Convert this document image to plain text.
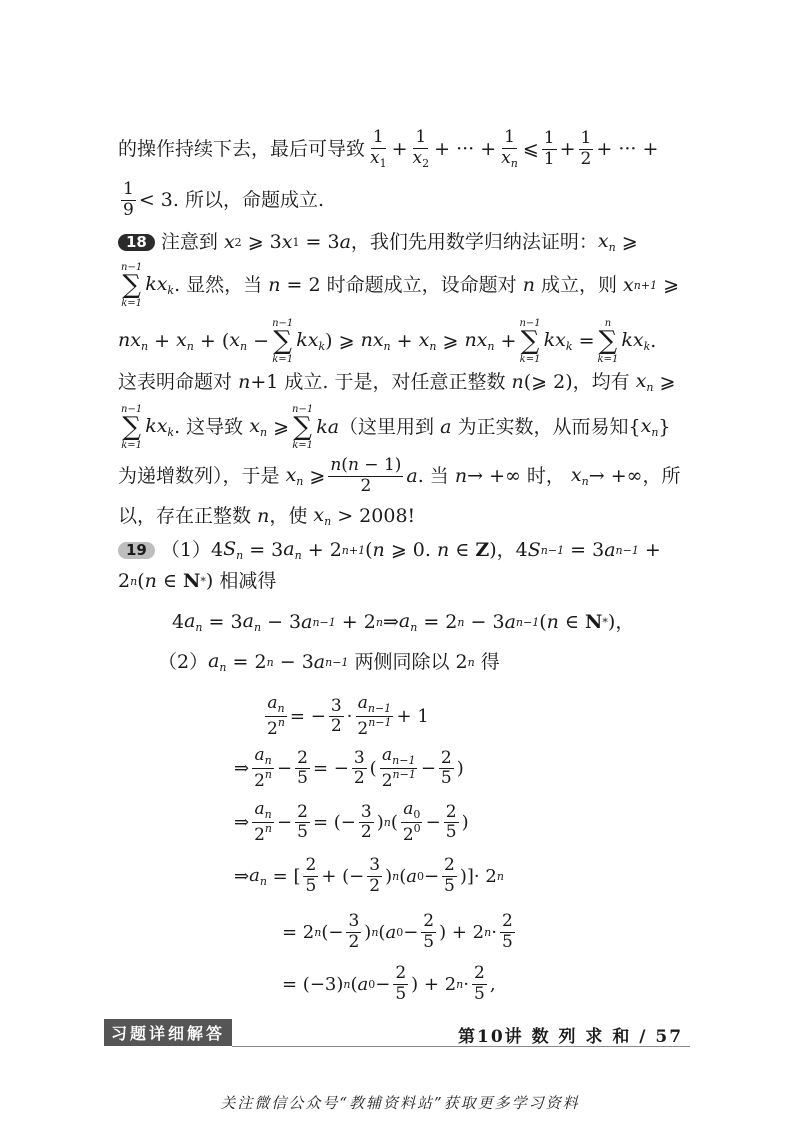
的操作持续下去，最后可导致 $\frac{1}{x_1} + \frac{1}{x_2}$ + ··· + $\frac{1}{x_n}$ ⩽ $\frac{1}{1} + \frac{1}{2}$ + ··· +
$\frac{1}{9} < 3$. 所以，命题成立.
18 注意到
x 2 ⩾ 3 x 1 = 3 a ，我们先用数学归纳法证明： $x_n$ ⩾
n−1
∑
k=1
$kx_k$ . 显然，当
n = 2 时命题成立，设命题对
n
成立，则
x n+1 ⩾
$nx_n + x_n$ + ( $x_n$ −
n−1
∑
k=1
$kx_k$ ) ⩾ $nx_n + x_n$ ⩾ $nx_n$ +
n−1
∑
k=1
$kx_k$ =
n
∑
k=1
$kx_k$ .
这表明命题对
n +1 成立. 于是，对任意正整数
n (⩾ 2) ，均有
$x_n$ ⩾
n−1
∑
k=1
$kx_k$ . 这导致
$x_n$ ⩾
n−1
∑
k=1
ka （这里用到
a
为正实数，从而易知 { $x_n$ }
为递增数列），于是
$x_n$ ⩾ $\frac{n(n - 1)}{2}$ a . 当
n → +∞ 时，
$x_n$ → +∞ ，所
以，存在正整数
n ，使
$x_n > 2008$!
19 （1） 4 $S_n = 3$ $a_n + 2$ n+1 ( n ⩾ 0. n ∈ Z )，4 S n−1 = 3 a n−1 +
2 n ( n ∈ N * ) 相减得
4 $a_n = 3$ $a_n - 3$ a n−1 + 2 n ⇒ $a_n = 2$ n − 3 a n−1 ( n ∈ N * )，
（2） $a_n = 2$ n − 3 a n−1
两侧同除以 2 n
得
$\frac{a_n}{2^n}$ = − $\frac{3}{2} \cdot \frac{a_{n-1}}{2^{n-1}} + 1$
⇒ $\frac{a_n}{2^n} - \frac{2}{5}$ = − $\frac{3}{2}$ ( $\frac{a_{n-1}}{2^{n-1}} - \frac{2}{5}$ )
⇒ $\frac{a_n}{2^n} - \frac{2}{5}$ = (− $\frac{3}{2}$ ) n ( $\frac{a_0}{2^0} - \frac{2}{5}$ )
⇒ $a_n$ = [ $\frac{2}{5}$ + (− $\frac{3}{2}$ ) n ( a $0 - \frac{2}{5}$ )]· 2 n
= 2 n (− $\frac{3}{2}$ ) n ( a $0 - \frac{2}{5}$ ) + 2 $n \cdot \frac{2}{5}$
= (−3) n ( a $0 - \frac{2}{5}$ ) + 2 $n \cdot \frac{2}{5}$ ,
习题详细解答	第10讲 数 列 求 和 / 57
关注微信公众号“教辅资料站”获取更多学习资料
